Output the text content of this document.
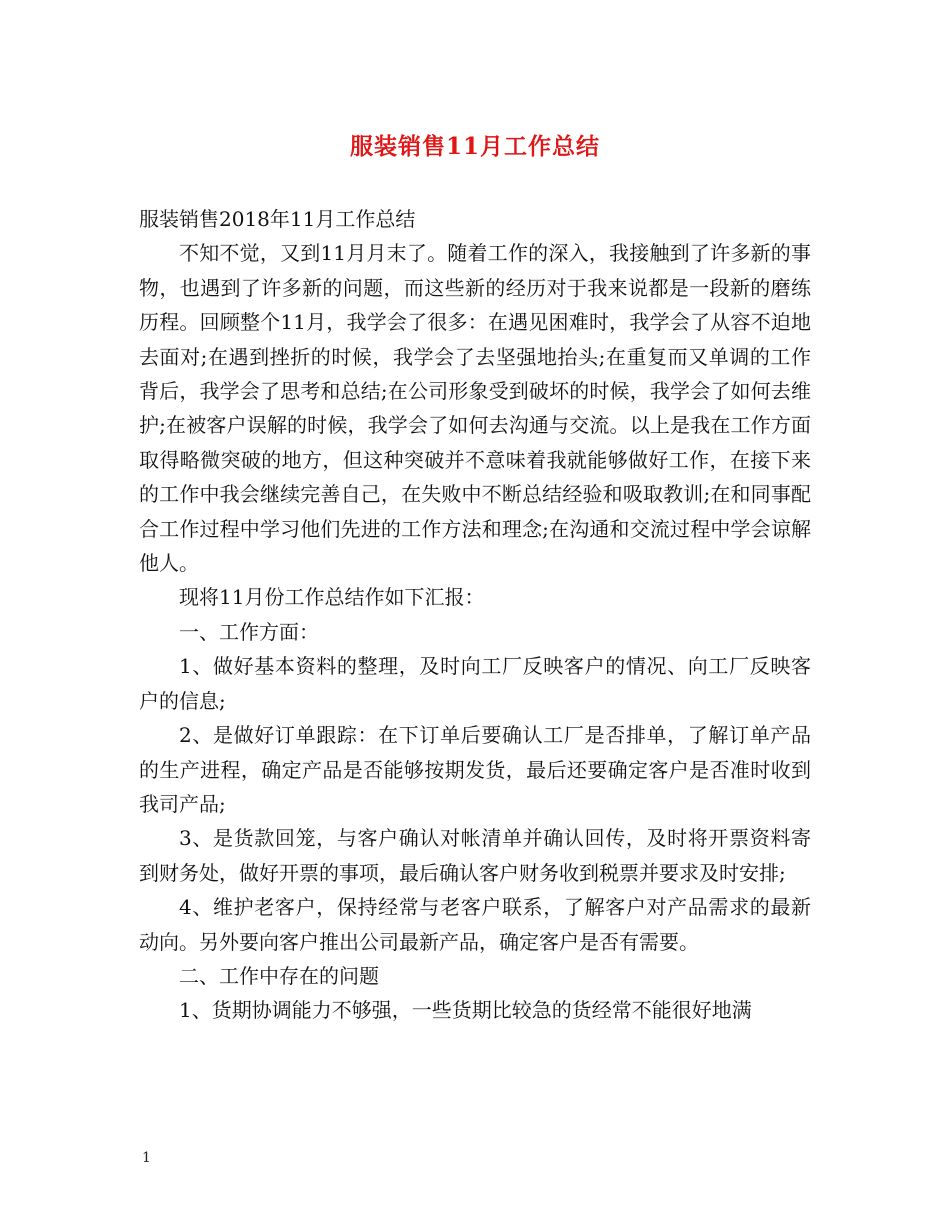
服装销售11月工作总结

服装销售2018年11月工作总结

不知不觉，又到11月月末了。随着工作的深入，我接触到了许多新的事物，也遇到了许多新的问题，而这些新的经历对于我来说都是一段新的磨练历程。回顾整个11月，我学会了很多：在遇见困难时，我学会了从容不迫地去面对;在遇到挫折的时候，我学会了去坚强地抬头;在重复而又单调的工作背后，我学会了思考和总结;在公司形象受到破坏的时候，我学会了如何去维护;在被客户误解的时候，我学会了如何去沟通与交流。以上是我在工作方面取得略微突破的地方，但这种突破并不意味着我就能够做好工作，在接下来的工作中我会继续完善自己，在失败中不断总结经验和吸取教训;在和同事配合工作过程中学习他们先进的工作方法和理念;在沟通和交流过程中学会谅解他人。

现将11月份工作总结作如下汇报：

一、工作方面：

1、做好基本资料的整理，及时向工厂反映客户的情况、向工厂反映客户的信息;

2、是做好订单跟踪：在下订单后要确认工厂是否排单，了解订单产品的生产进程，确定产品是否能够按期发货，最后还要确定客户是否准时收到我司产品;

3、是货款回笼，与客户确认对帐清单并确认回传，及时将开票资料寄到财务处，做好开票的事项，最后确认客户财务收到税票并要求及时安排;

4、维护老客户，保持经常与老客户联系，了解客户对产品需求的最新动向。另外要向客户推出公司最新产品，确定客户是否有需要。

二、工作中存在的问题

1、货期协调能力不够强，一些货期比较急的货经常不能很好地满

1
